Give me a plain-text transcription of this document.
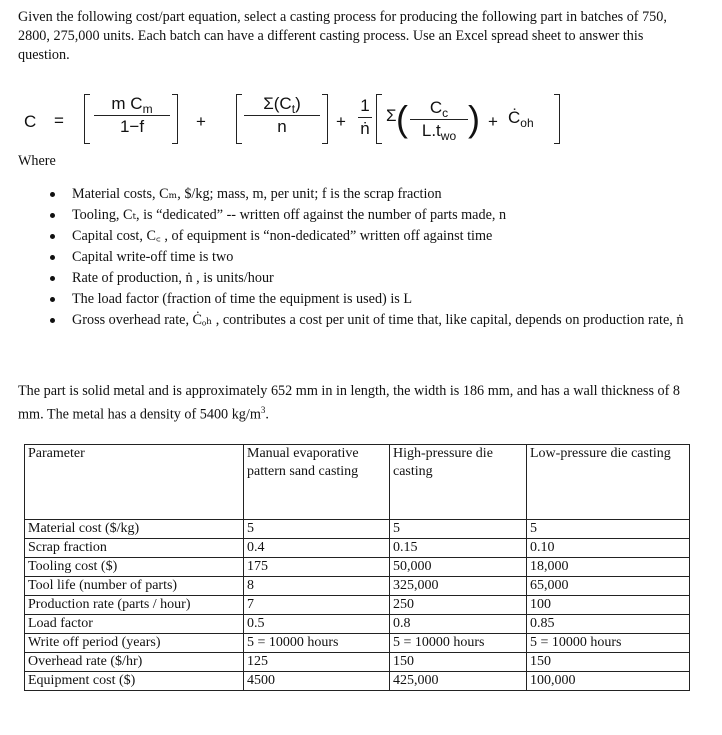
Given the following cost/part equation, select a casting process for producing the following part in batches of 750, 2800, 275,000 units. Each batch can have a different casting process. Use an Excel spread sheet to answer this question.

$C = \frac{m C_m}{1-f} + \frac{\Sigma(C_t)}{n} + \frac{1}{\text{ṅ}}$ Σ (	$C_c$
$L.t_{wo}$ ) + $Ċ_{oh}$

Where

Material costs, Cₘ, $/kg; mass, m, per unit; f is the scrap fraction
Tooling, Cₜ, is “dedicated” -- written off against the number of parts made, n
Capital cost, C꜀ , of equipment is “non-dedicated” written off against time
Capital write-off time is twο
Rate of production, ṅ , is units/hour
The load factor (fraction of time the equipment is used) is L
Gross overhead rate, Ċₒₕ , contributes a cost per unit of time that, like capital, depends on production rate, ṅ

The part is solid metal and is approximately 652 mm in in length, the width is 186 mm, and has a wall thickness of 8 mm. The metal has a density of 5400 $kg/m^3$.

Parameter	Manual evaporative pattern sand casting	High-pressure die casting	Low-pressure die casting
Material cost ($/kg)	5	5	5
Scrap fraction	0.4	0.15	0.10
Tooling cost ($)	175	50,000	18,000
Tool life (number of parts)	8	325,000	65,000
Production rate (parts / hour)	7	250	100
Load factor	0.5	0.8	0.85
Write off period (years)	5 = 10000 hours	5 = 10000 hours	5 = 10000 hours
Overhead rate ($/hr)	125	150	150
Equipment cost ($)	4500	425,000	100,000
